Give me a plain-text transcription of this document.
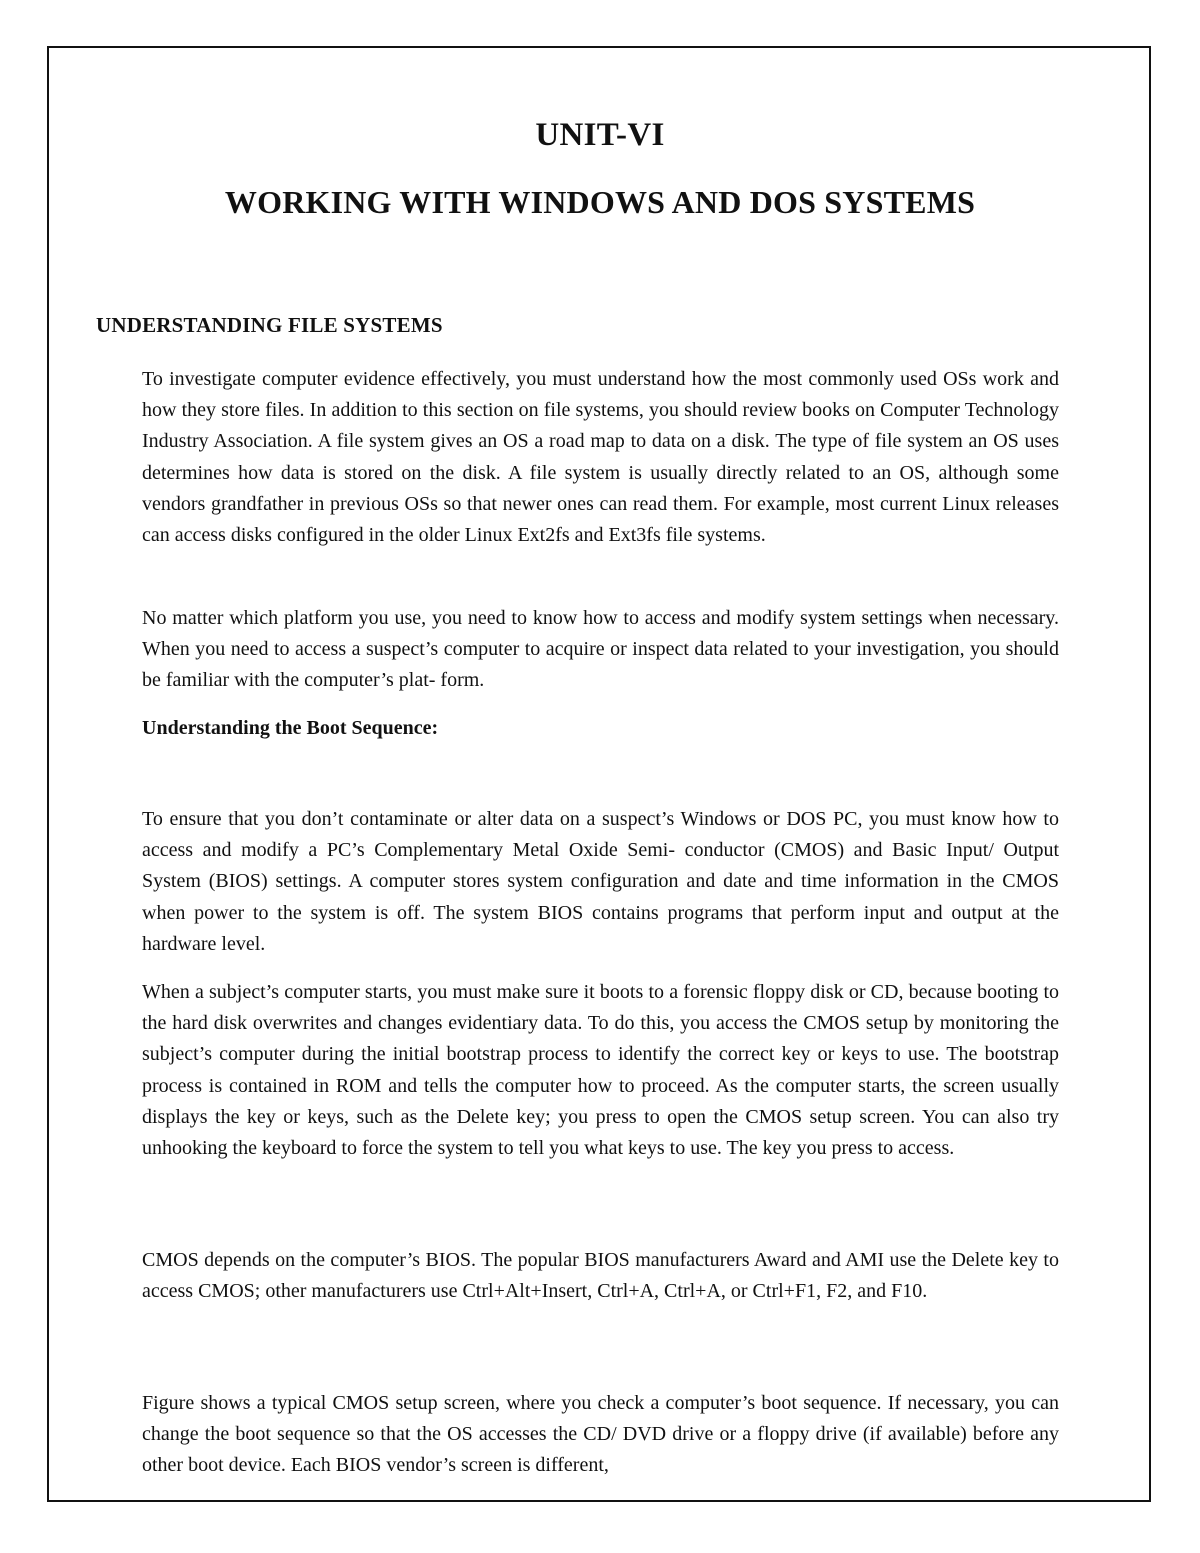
UNIT-VI
WORKING WITH WINDOWS AND DOS SYSTEMS
UNDERSTANDING FILE SYSTEMS

To investigate computer evidence effectively, you must understand how the most commonly used OSs work and how they store files. In addition to this section on file systems, you should review books on Computer Technology Industry Association. A file system gives an OS a road map to data on a disk. The type of file system an OS uses determines how data is stored on the disk. A file system is usually directly related to an OS, although some vendors grandfather in previous OSs so that newer ones can read them. For example, most current Linux releases can access disks configured in the older Linux Ext2fs and Ext3fs file systems.

No matter which platform you use, you need to know how to access and modify system settings when necessary. When you need to access a suspect’s computer to acquire or inspect data related to your investigation, you should be familiar with the computer’s plat- form.

Understanding the Boot Sequence:

To ensure that you don’t contaminate or alter data on a suspect’s Windows or DOS PC, you must know how to access and modify a PC’s Complementary Metal Oxide Semi- conductor (CMOS) and Basic Input/ Output System (BIOS) settings. A computer stores system configuration and date and time information in the CMOS when power to the system is off. The system BIOS contains programs that perform input and output at the hardware level.

When a subject’s computer starts, you must make sure it boots to a forensic floppy disk or CD, because booting to the hard disk overwrites and changes evidentiary data. To do this, you access the CMOS setup by monitoring the subject’s computer during the initial bootstrap process to identify the correct key or keys to use. The bootstrap process is contained in ROM and tells the computer how to proceed. As the computer starts, the screen usually displays the key or keys, such as the Delete key; you press to open the CMOS setup screen. You can also try unhooking the keyboard to force the system to tell you what keys to use. The key you press to access.

CMOS depends on the computer’s BIOS. The popular BIOS manufacturers Award and AMI use the Delete key to access CMOS; other manufacturers use Ctrl+Alt+Insert, Ctrl+A, Ctrl+A, or Ctrl+F1, F2, and F10.

Figure shows a typical CMOS setup screen, where you check a computer’s boot sequence. If necessary, you can change the boot sequence so that the OS accesses the CD/ DVD drive or a floppy drive (if available) before any other boot device. Each BIOS vendor’s screen is different,
